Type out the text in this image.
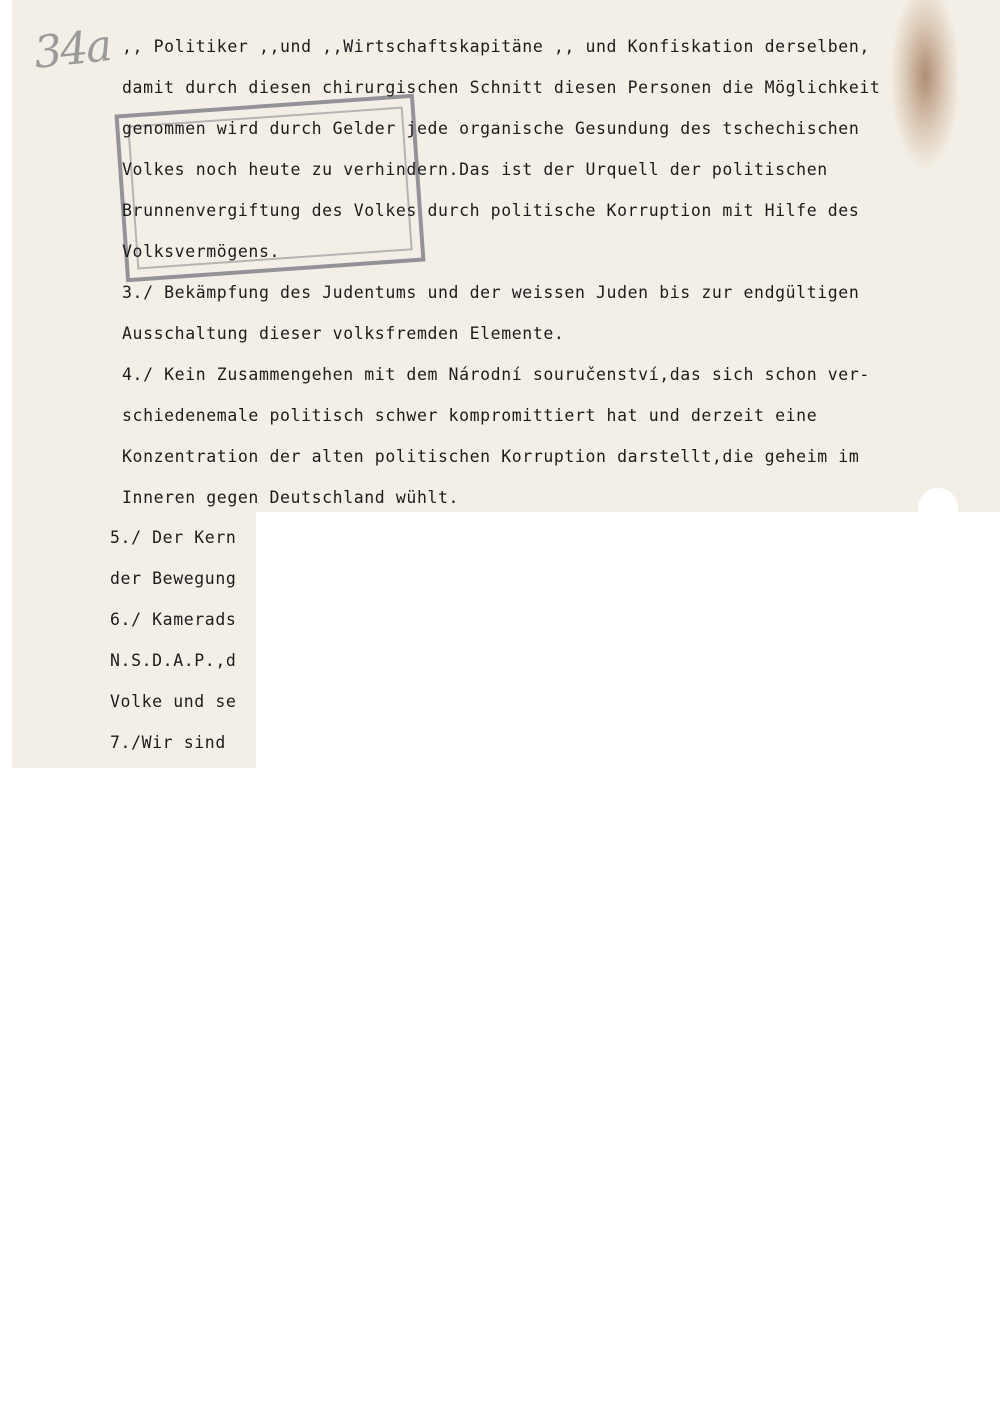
34a ,, Politiker ,,und ,,Wirtschaftskapitäne ,, und Konfiskation derselben,
damit durch diesen chirurgischen Schnitt diesen Personen die Möglichkeit
genommen wird durch Gelder jede organische Gesundung des tschechischen
Volkes noch heute zu verhindern.Das ist der Urquell der politischen
Brunnenvergiftung des Volkes durch politische Korruption mit Hilfe des
Volksvermögens.
3./ Bekämpfung des Judentums und der weissen Juden bis zur endgültigen
Ausschaltung dieser volksfremden Elemente.
4./ Kein Zusammengehen mit dem Národní souručenství,das sich schon ver-
schiedenemale politisch schwer kompromittiert hat und derzeit eine
Konzentration der alten politischen Korruption darstellt,die geheim im
Inneren gegen Deutschland wühlt.
5./ Der Kern
der Bewegung
6./ Kamerads
N.S.D.A.P.,d
Volke und se
7./Wir sind
